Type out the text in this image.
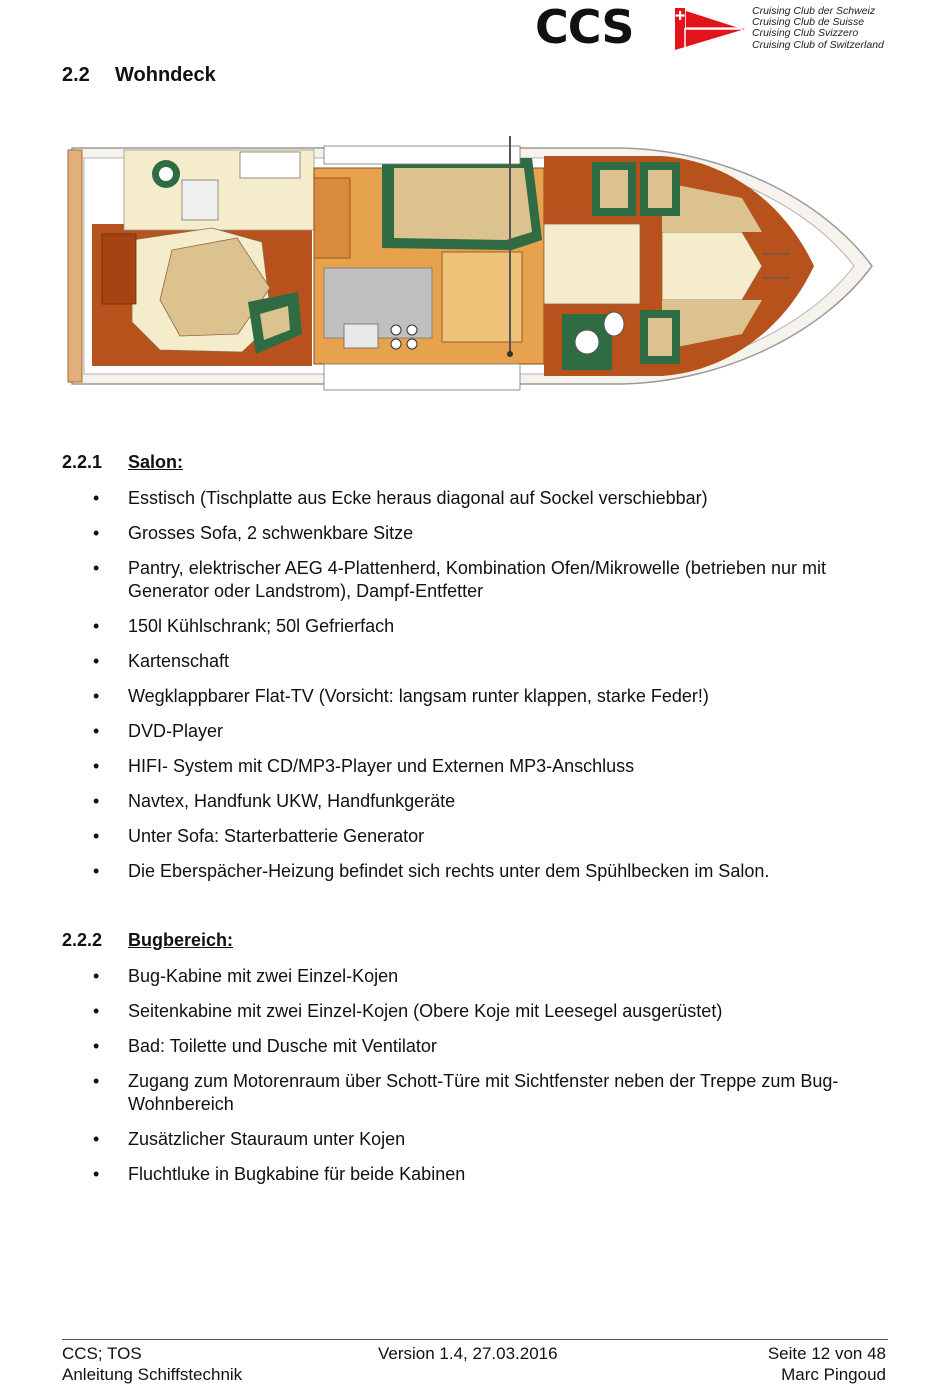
CCS	Cruising Club der Schweiz
Cruising Club de Suisse
Cruising Club Svizzero
Cruising Club of Switzerland
2.2 Wohndeck
2.2.1 Salon:
• Esstisch (Tischplatte aus Ecke heraus diagonal auf Sockel verschiebbar)
• Grosses Sofa, 2 schwenkbare Sitze
• Pantry, elektrischer AEG 4-Plattenherd, Kombination Ofen/Mikrowelle (betrieben nur mit Generator oder Landstrom), Dampf-Entfetter
• 150l Kühlschrank; 50l Gefrierfach
• Kartenschaft
• Wegklappbarer Flat-TV (Vorsicht: langsam runter klappen, starke Feder!)
• DVD-Player
• HIFI- System mit CD/MP3-Player und Externen MP3-Anschluss
• Navtex, Handfunk UKW, Handfunkgeräte
• Unter Sofa: Starterbatterie Generator
• Die Eberspächer-Heizung befindet sich rechts unter dem Spühlbecken im Salon.
2.2.2 Bugbereich:
• Bug-Kabine mit zwei Einzel-Kojen
• Seitenkabine mit zwei Einzel-Kojen (Obere Koje mit Leesegel ausgerüstet)
• Bad: Toilette und Dusche mit Ventilator
• Zugang zum Motorenraum über Schott-Türe mit Sichtfenster neben der Treppe zum Bug-Wohnbereich
• Zusätzlicher Stauraum unter Kojen
• Fluchtluke in Bugkabine für beide Kabinen
CCS; TOS
Anleitung Schiffstechnik
Version 1.4, 27.03.2016	Seite 12 von 48
Marc Pingoud
